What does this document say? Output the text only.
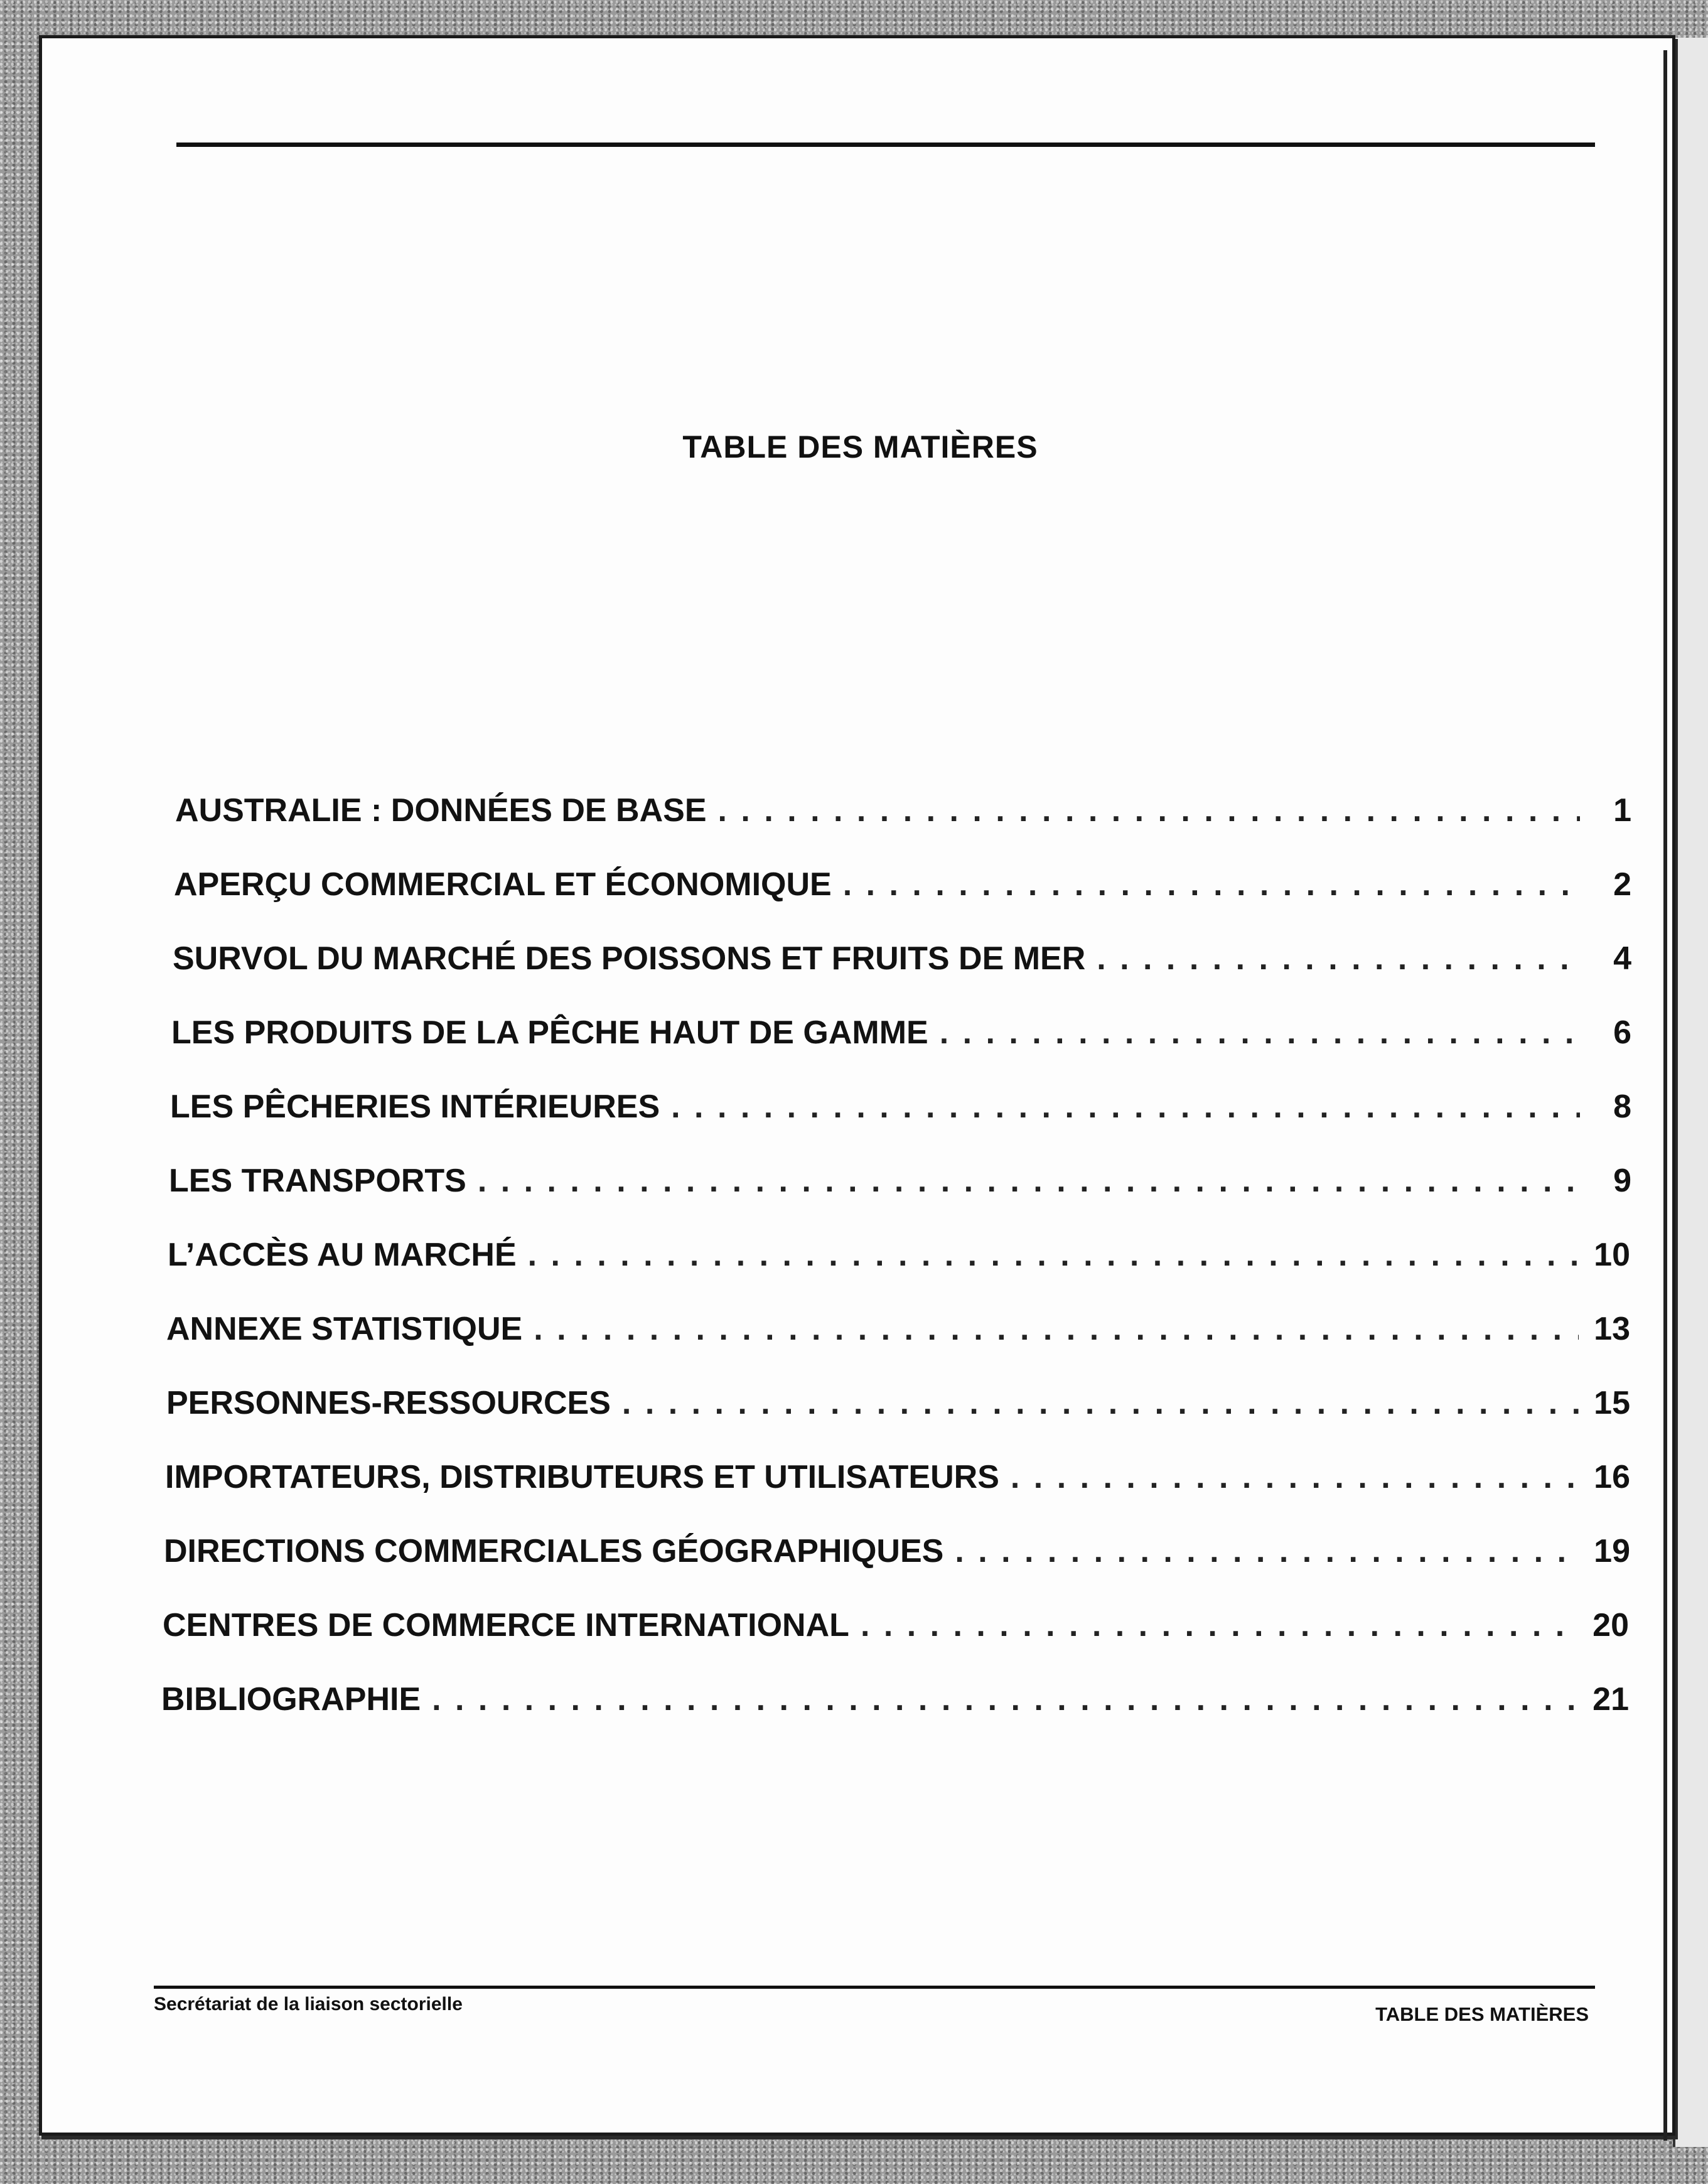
TABLE DES MATIÈRES
AUSTRALIE : DONNÉES DE BASE . . .	1
APERÇU COMMERCIAL ET ÉCONOMIQUE . . .	2
SURVOL DU MARCHÉ DES POISSONS ET FRUITS DE MER . . .	4
LES PRODUITS DE LA PÊCHE HAUT DE GAMME . . .	6
LES PÊCHERIES INTÉRIEURES . . .	8
LES TRANSPORTS . . .	9
L’ACCÈS AU MARCHÉ . . .	10
ANNEXE STATISTIQUE . . .	13
PERSONNES-RESSOURCES . . .	15
IMPORTATEURS, DISTRIBUTEURS ET UTILISATEURS . . .	16
DIRECTIONS COMMERCIALES GÉOGRAPHIQUES . . .	19
CENTRES DE COMMERCE INTERNATIONAL . . .	20
BIBLIOGRAPHIE . . .	21
Secrétariat de la liaison sectorielle	TABLE DES MATIÈRES
